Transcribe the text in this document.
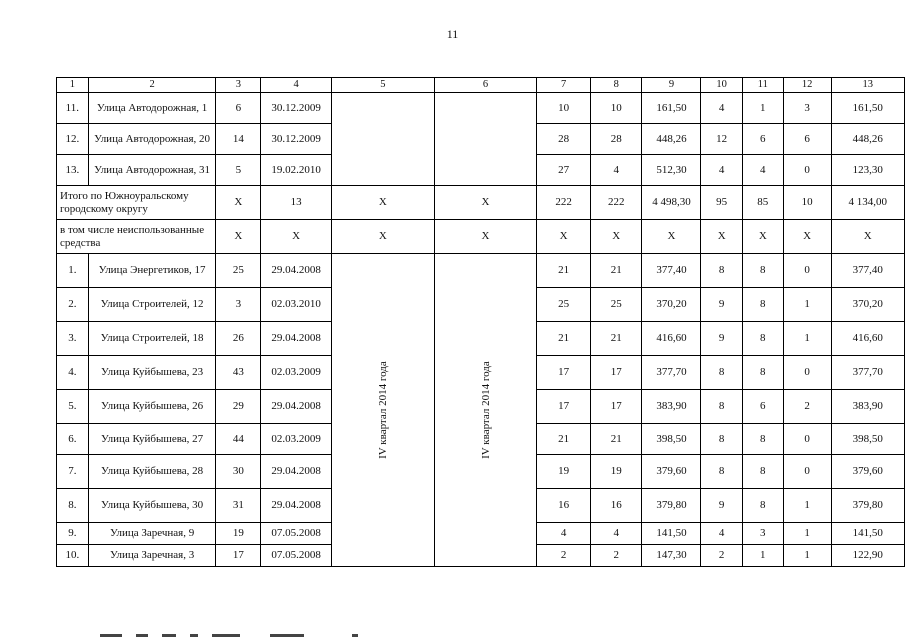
11
1	2	3	4	5	6	7	8	9	10	11	12	13
11.	Улица Автодорожная, 1	6	30.12.2009			10	10	161,50	4	1	3	161,50
12.	Улица Автодорожная, 20	14	30.12.2009			28	28	448,26	12	6	6	448,26
13.	Улица Автодорожная, 31	5	19.02.2010			27	4	512,30	4	4	0	123,30
Итого по Южноуральскому городскому округу		X	13	X	X	222	222	4 498,30	95	85	10	4 134,00
в том числе неиспользованные средства		X	X	X	X	X	X	X	X	X	X	X
1.	Улица Энергетиков, 17	25	29.04.2008	IV квартал 2014 года	IV квартал 2014 года	21	21	377,40	8	8	0	377,40
2.	Улица Строителей, 12	3	02.03.2010			25	25	370,20	9	8	1	370,20
3.	Улица Строителей, 18	26	29.04.2008			21	21	416,60	9	8	1	416,60
4.	Улица Куйбышева, 23	43	02.03.2009			17	17	377,70	8	8	0	377,70
5.	Улица Куйбышева, 26	29	29.04.2008			17	17	383,90	8	6	2	383,90
6.	Улица Куйбышева, 27	44	02.03.2009			21	21	398,50	8	8	0	398,50
7.	Улица Куйбышева, 28	30	29.04.2008			19	19	379,60	8	8	0	379,60
8.	Улица Куйбышева, 30	31	29.04.2008			16	16	379,80	9	8	1	379,80
9.	Улица Заречная, 9	19	07.05.2008			4	4	141,50	4	3	1	141,50
10.	Улица Заречная, 3	17	07.05.2008			2	2	147,30	2	1	1	122,90
